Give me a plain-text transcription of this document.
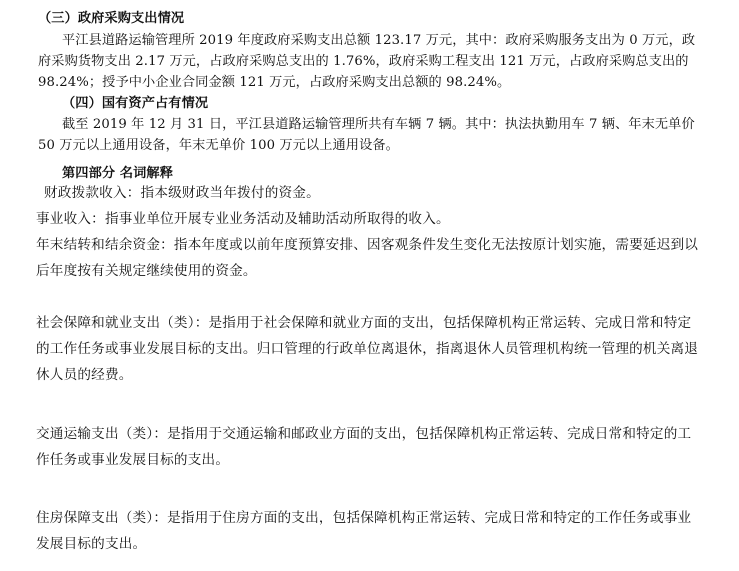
（三）政府采购支出情况
平江县道路运输管理所 2019 年度政府采购支出总额 123.17 万元，其中：政府采购服务支出为 0 万元，政
府采购货物支出 2.17 万元，占政府采购总支出的 1.76%，政府采购工程支出 121 万元，占政府采购总支出的
98.24%；授予中小企业合同金额 121 万元，占政府采购支出总额的 98.24%。
（四）国有资产占有情况
截至 2019 年 12 月 31 日，平江县道路运输管理所共有车辆 7 辆。其中：执法执勤用车 7 辆、年末无单价
50 万元以上通用设备，年末无单价 100 万元以上通用设备。
第四部分 名词解释
财政拨款收入：指本级财政当年拨付的资金。
事业收入：指事业单位开展专业业务活动及辅助活动所取得的收入。
年末结转和结余资金：指本年度或以前年度预算安排、因客观条件发生变化无法按原计划实施，需要延迟到以
后年度按有关规定继续使用的资金。
社会保障和就业支出（类）：是指用于社会保障和就业方面的支出，包括保障机构正常运转、完成日常和特定
的工作任务或事业发展目标的支出。归口管理的行政单位离退休，指离退休人员管理机构统一管理的机关离退
休人员的经费。
交通运输支出（类）：是指用于交通运输和邮政业方面的支出，包括保障机构正常运转、完成日常和特定的工
作任务或事业发展目标的支出。
住房保障支出（类）：是指用于住房方面的支出，包括保障机构正常运转、完成日常和特定的工作任务或事业
发展目标的支出。
